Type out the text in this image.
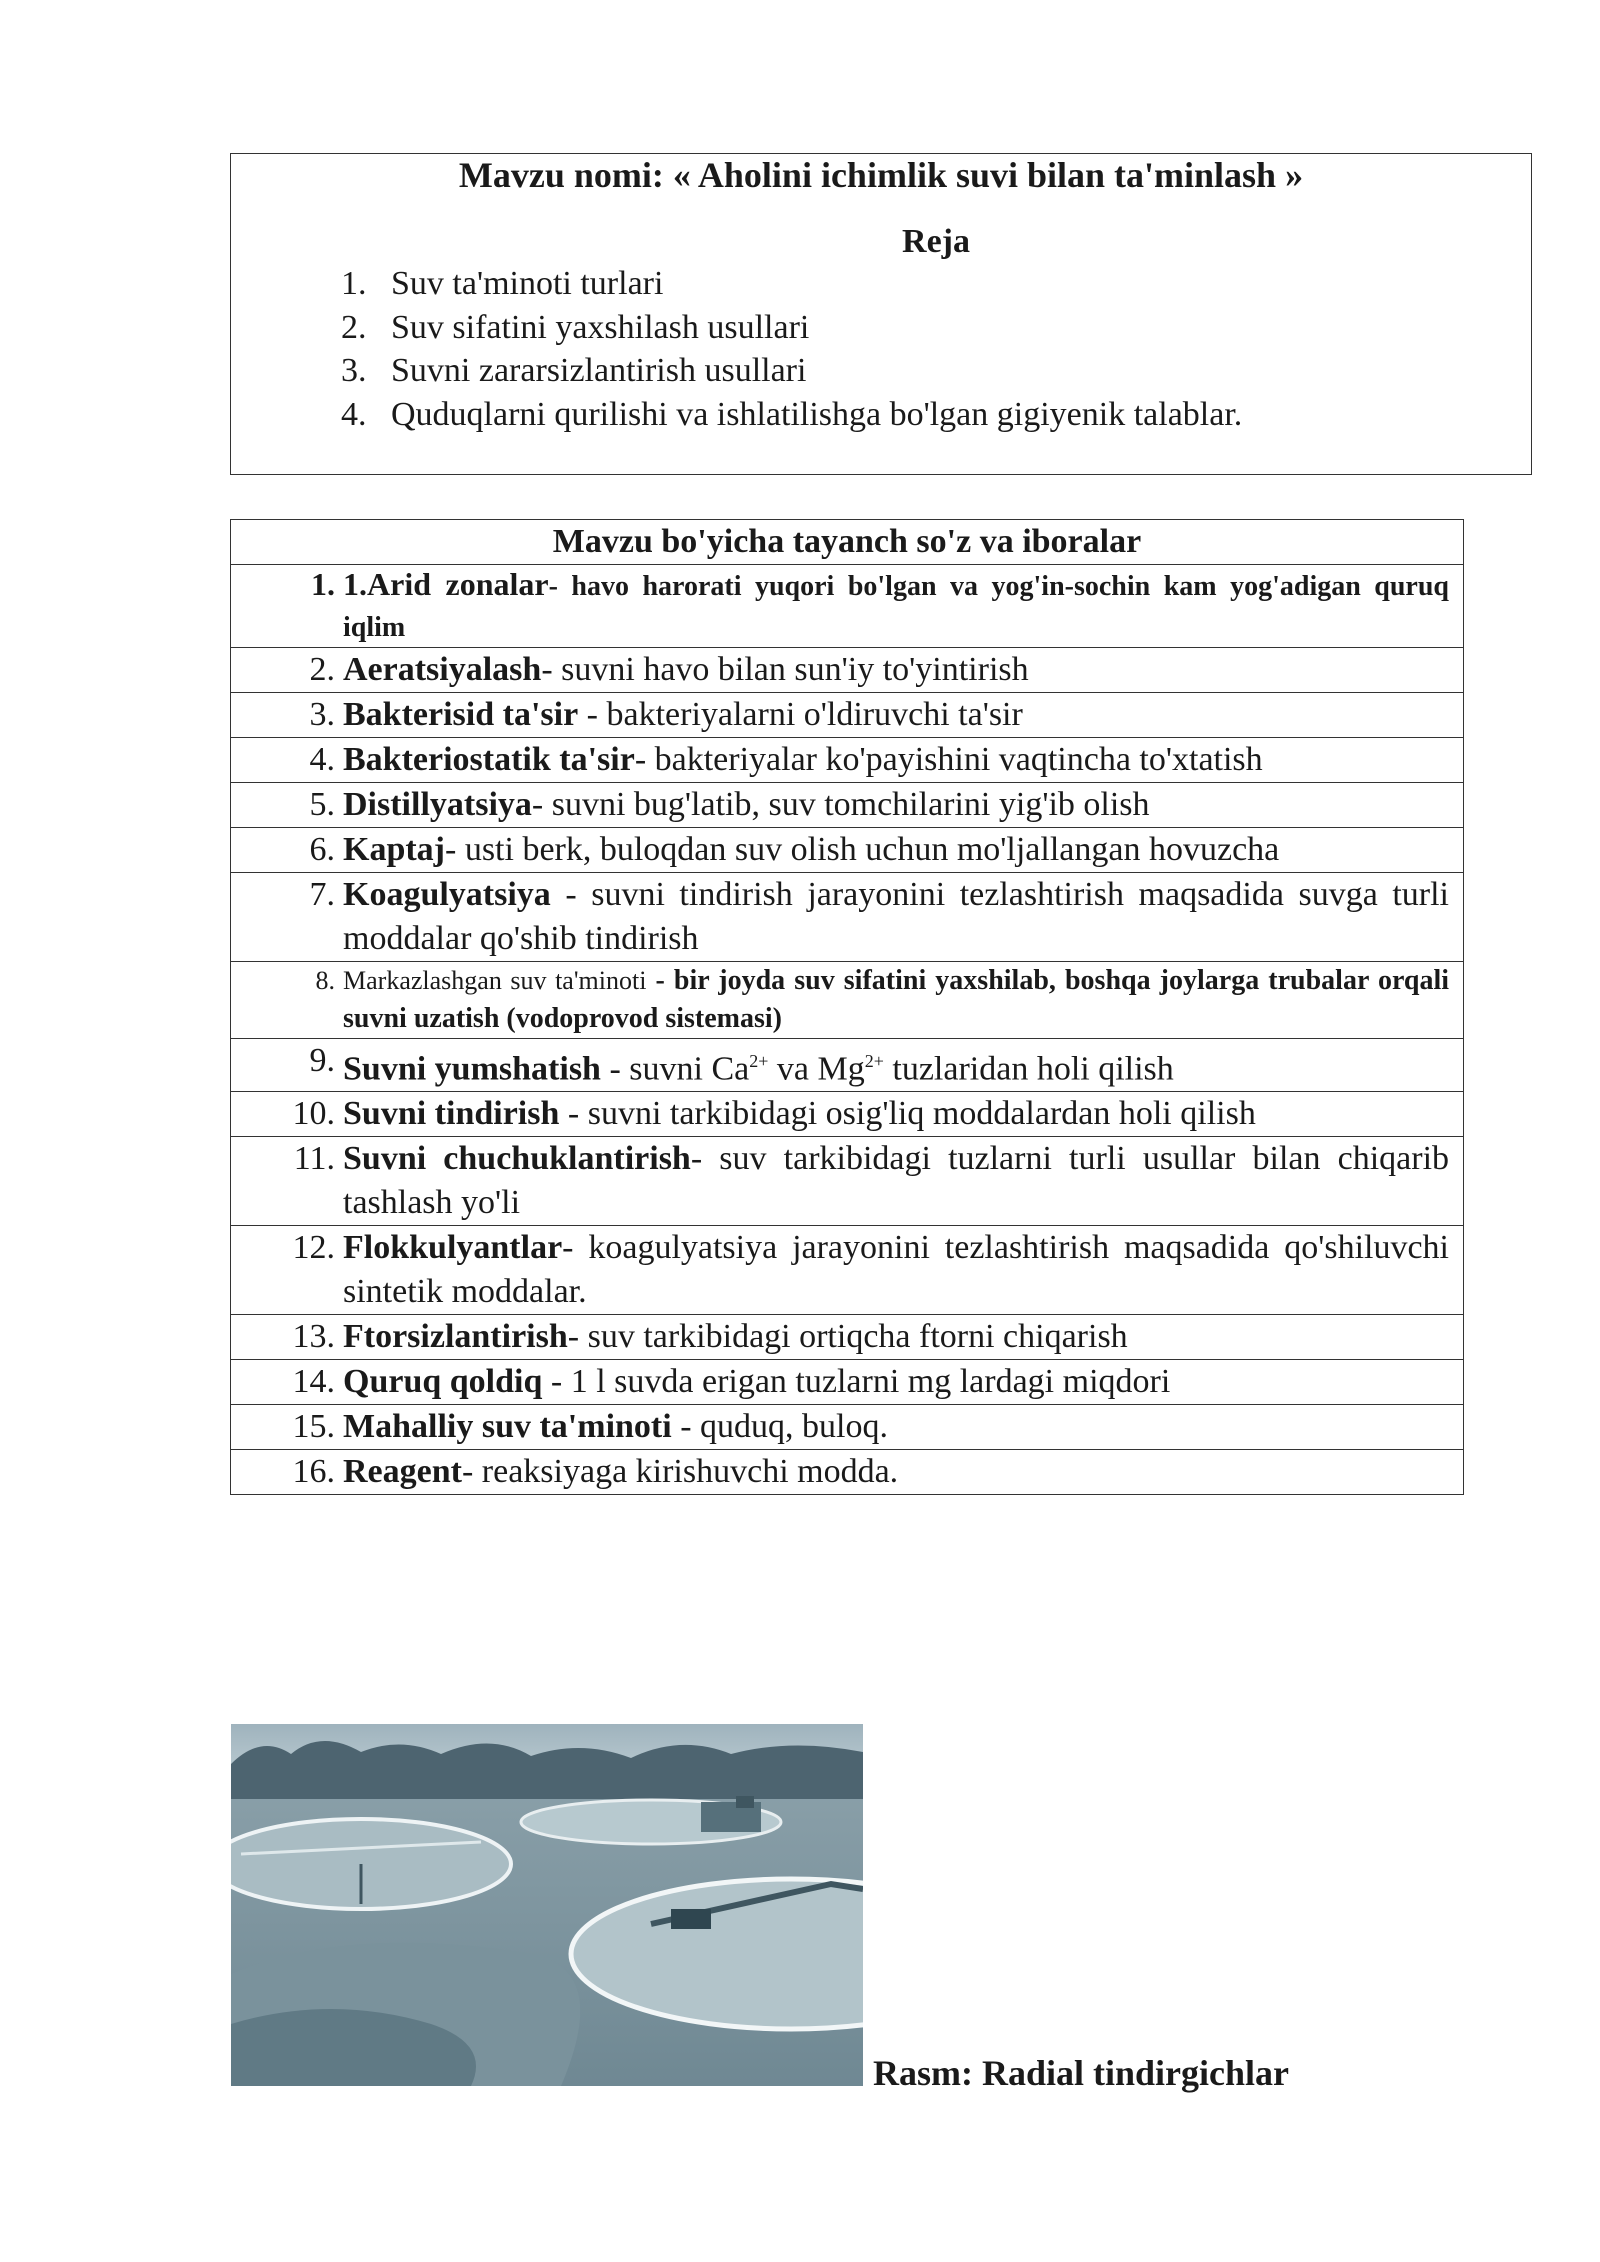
Mavzu nomi: « Aholini ichimlik suvi bilan ta'minlash »
Reja
1. Suv ta'minoti turlari
2. Suv sifatini yaxshilash usullari
3. Suvni zararsizlantirish usullari
4. Quduqlarni qurilishi va ishlatilishga bo'lgan gigiyenik talablar.
Mavzu bo'yicha tayanch so'z va iboralar

1. 1.Arid zonalar- havo harorati yuqori bo'lgan va yog'in-sochin kam yog'adigan quruq iqlim

2. Aeratsiyalash- suvni havo bilan sun'iy to'yintirish

3. Bakterisid ta'sir - bakteriyalarni o'ldiruvchi ta'sir

4. Bakteriostatik ta'sir- bakteriyalar ko'payishini vaqtincha to'xtatish

5. Distillyatsiya- suvni bug'latib, suv tomchilarini yig'ib olish

6. Kaptaj- usti berk, buloqdan suv olish uchun mo'ljallangan hovuzcha

7. Koagulyatsiya - suvni tindirish jarayonini tezlashtirish maqsadida suvga turli moddalar qo'shib tindirish

8. Markazlashgan suv ta'minoti - bir joyda suv sifatini yaxshilab, boshqa joylarga trubalar orqali suvni uzatish (vodoprovod sistemasi)

9. Suvni yumshatish - suvni $Ca^{2+}$ va $Mg^{2+}$ tuzlaridan holi qilish

10. Suvni tindirish - suvni tarkibidagi osig'liq moddalardan holi qilish

11. Suvni chuchuklantirish- suv tarkibidagi tuzlarni turli usullar bilan chiqarib tashlash yo'li

12. Flokkulyantlar- koagulyatsiya jarayonini tezlashtirish maqsadida qo'shiluvchi sintetik moddalar.

13. Ftorsizlantirish- suv tarkibidagi ortiqcha ftorni chiqarish

14. Quruq qoldiq - 1 l suvda erigan tuzlarni mg lardagi miqdori

15. Mahalliy suv ta'minoti - quduq, buloq.

16. Reagent- reaksiyaga kirishuvchi modda.
Rasm: Radial tindirgichlar
